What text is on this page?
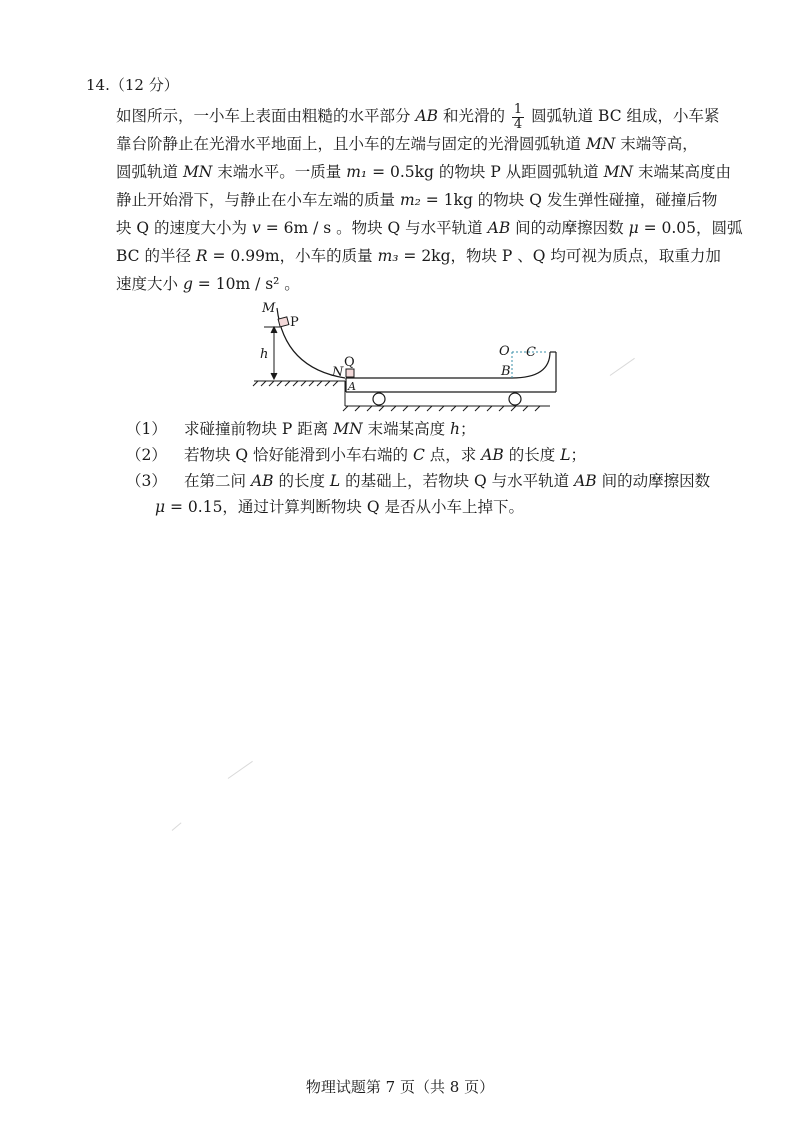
14.（12 分）
如图所示，一小车上表面由粗糙的水平部分 AB 和光滑的 $\frac{1}{4}$ 圆弧轨道 BC 组成，小车紧
靠台阶静止在光滑水平地面上，且小车的左端与固定的光滑圆弧轨道 MN 末端等高，
圆弧轨道 MN 末端水平。一质量 m₁ = 0.5kg 的物块 P 从距圆弧轨道 MN 末端某高度由
静止开始滑下，与静止在小车左端的质量 m₂ = 1kg 的物块 Q 发生弹性碰撞，碰撞后物
块 Q 的速度大小为 v = 6m / s 。物块 Q 与水平轨道 AB 间的动摩擦因数 μ = 0.05，圆弧
BC 的半径 R = 0.99m，小车的质量 m₃ = 2kg，物块 P 、Q 均可视为质点，取重力加
速度大小 g = 10m / s² 。
M
h
N
A
O C
B
P
Q
（1） 求碰撞前物块 P 距离 MN 末端某高度 h；
（2） 若物块 Q 恰好能滑到小车右端的 C 点，求 AB 的长度 L；
（3） 在第二问 AB 的长度 L 的基础上，若物块 Q 与水平轨道 AB 间的动摩擦因数
μ = 0.15，通过计算判断物块 Q 是否从小车上掉下。
物理试题第 7 页（共 8 页）
